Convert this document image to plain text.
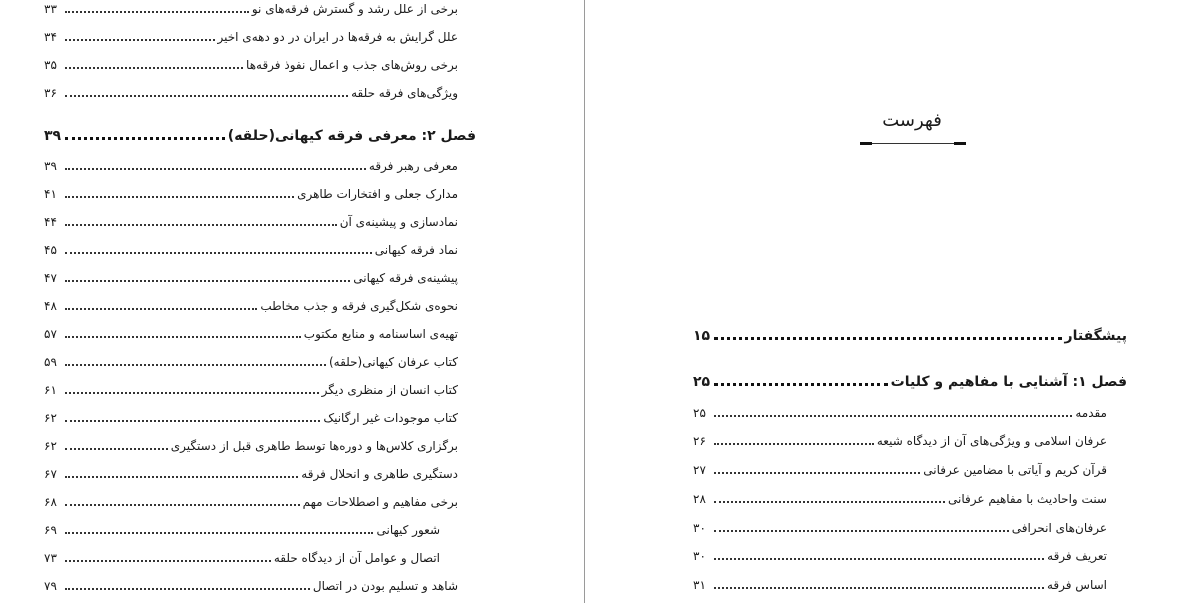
برخی از علل رشد و گسترش فرقه‌های نو
۳۳
علل گرایش به فرقه‌ها در ایران در دو دهه‌ی اخیر
۳۴
برخی روش‌های جذب و اعمال نفوذ فرقه‌ها
۳۵
ویژگی‌های فرقه حلقه
۳۶
فصل ۲: معرفی فرقه کیهانی(حلقه)
۳۹
معرفی رهبر فرقه
۳۹
مدارک جعلی و افتخارات طاهری
۴۱
نمادسازی و پیشینه‌ی آن
۴۴
نماد فرقه کیهانی
۴۵
پیشینه‌ی فرقه کیهانی
۴۷
نحوه‌ی شکل‌گیری فرقه و جذب مخاطب
۴۸
تهیه‌ی اساسنامه و منابع مکتوب
۵۷
کتاب عرفان کیهانی(حلقه)
۵۹
کتاب انسان از منظری دیگر
۶۱
کتاب موجودات غیر ارگانیک
۶۲
برگزاری کلاس‌ها و دوره‌ها توسط طاهری قبل از دستگیری
۶۲
دستگیری طاهری و انحلال فرقه
۶۷
برخی مفاهیم و اصطلاحات مهم
۶۸
شعور کیهانی
۶۹
اتصال و عوامل آن از دیدگاه حلقه
۷۳
شاهد و تسلیم بودن در اتصال
۷۹
فهرست
پیشگفتار
۱۵
فصل ۱: آشنایی با مفاهیم و کلیات
۲۵
مقدمه
۲۵
عرفان اسلامی و ویژگی‌های آن از دیدگاه شیعه
۲۶
قرآن کریم و آیاتی با مضامین عرفانی
۲۷
سنت واحادیث با مفاهیم عرفانی
۲۸
عرفان‌های انحرافی
۳۰
تعریف فرقه
۳۰
اساس فرقه
۳۱
